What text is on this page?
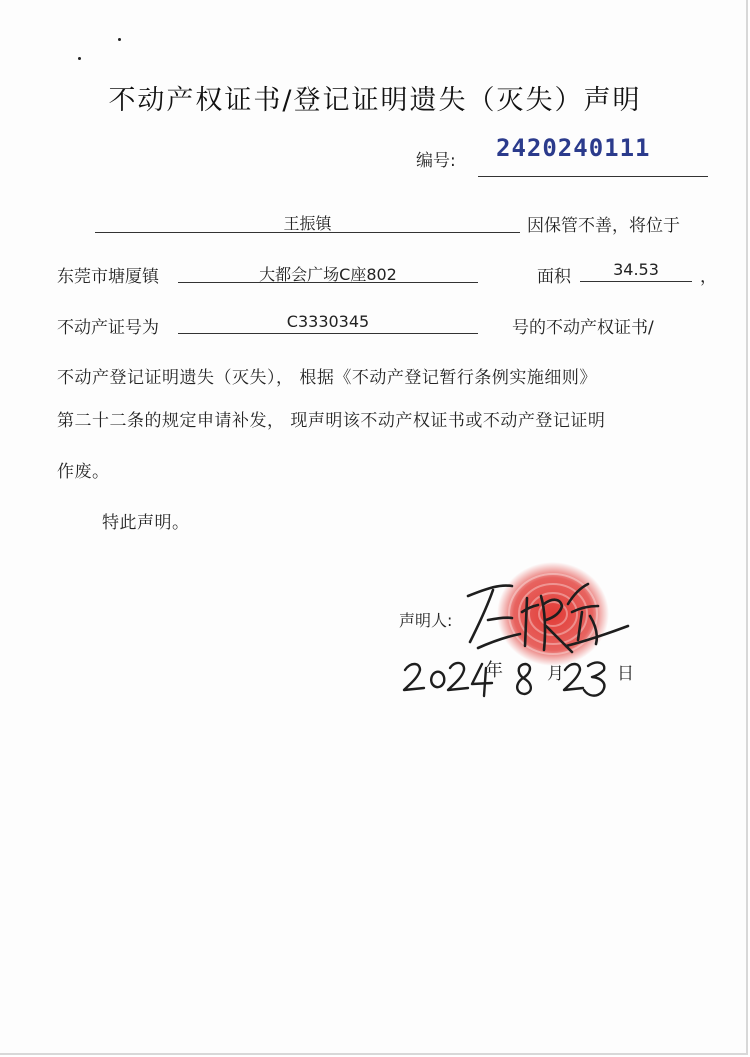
不动产权证书/登记证明遗失（灭失）声明
编号: 2420240111
王振镇	因保管不善，将位于
东莞市塘厦镇	大都会广场C座802	面积	34.53	，
不动产证号为	C3330345	号的不动产权证书/
不动产登记证明遗失（灭失）， 根据《不动产登记暂行条例实施细则》
第二十二条的规定申请补发， 现声明该不动产权证书或不动产登记证明
作废。
特此声明。
声明人:
年	月	日
